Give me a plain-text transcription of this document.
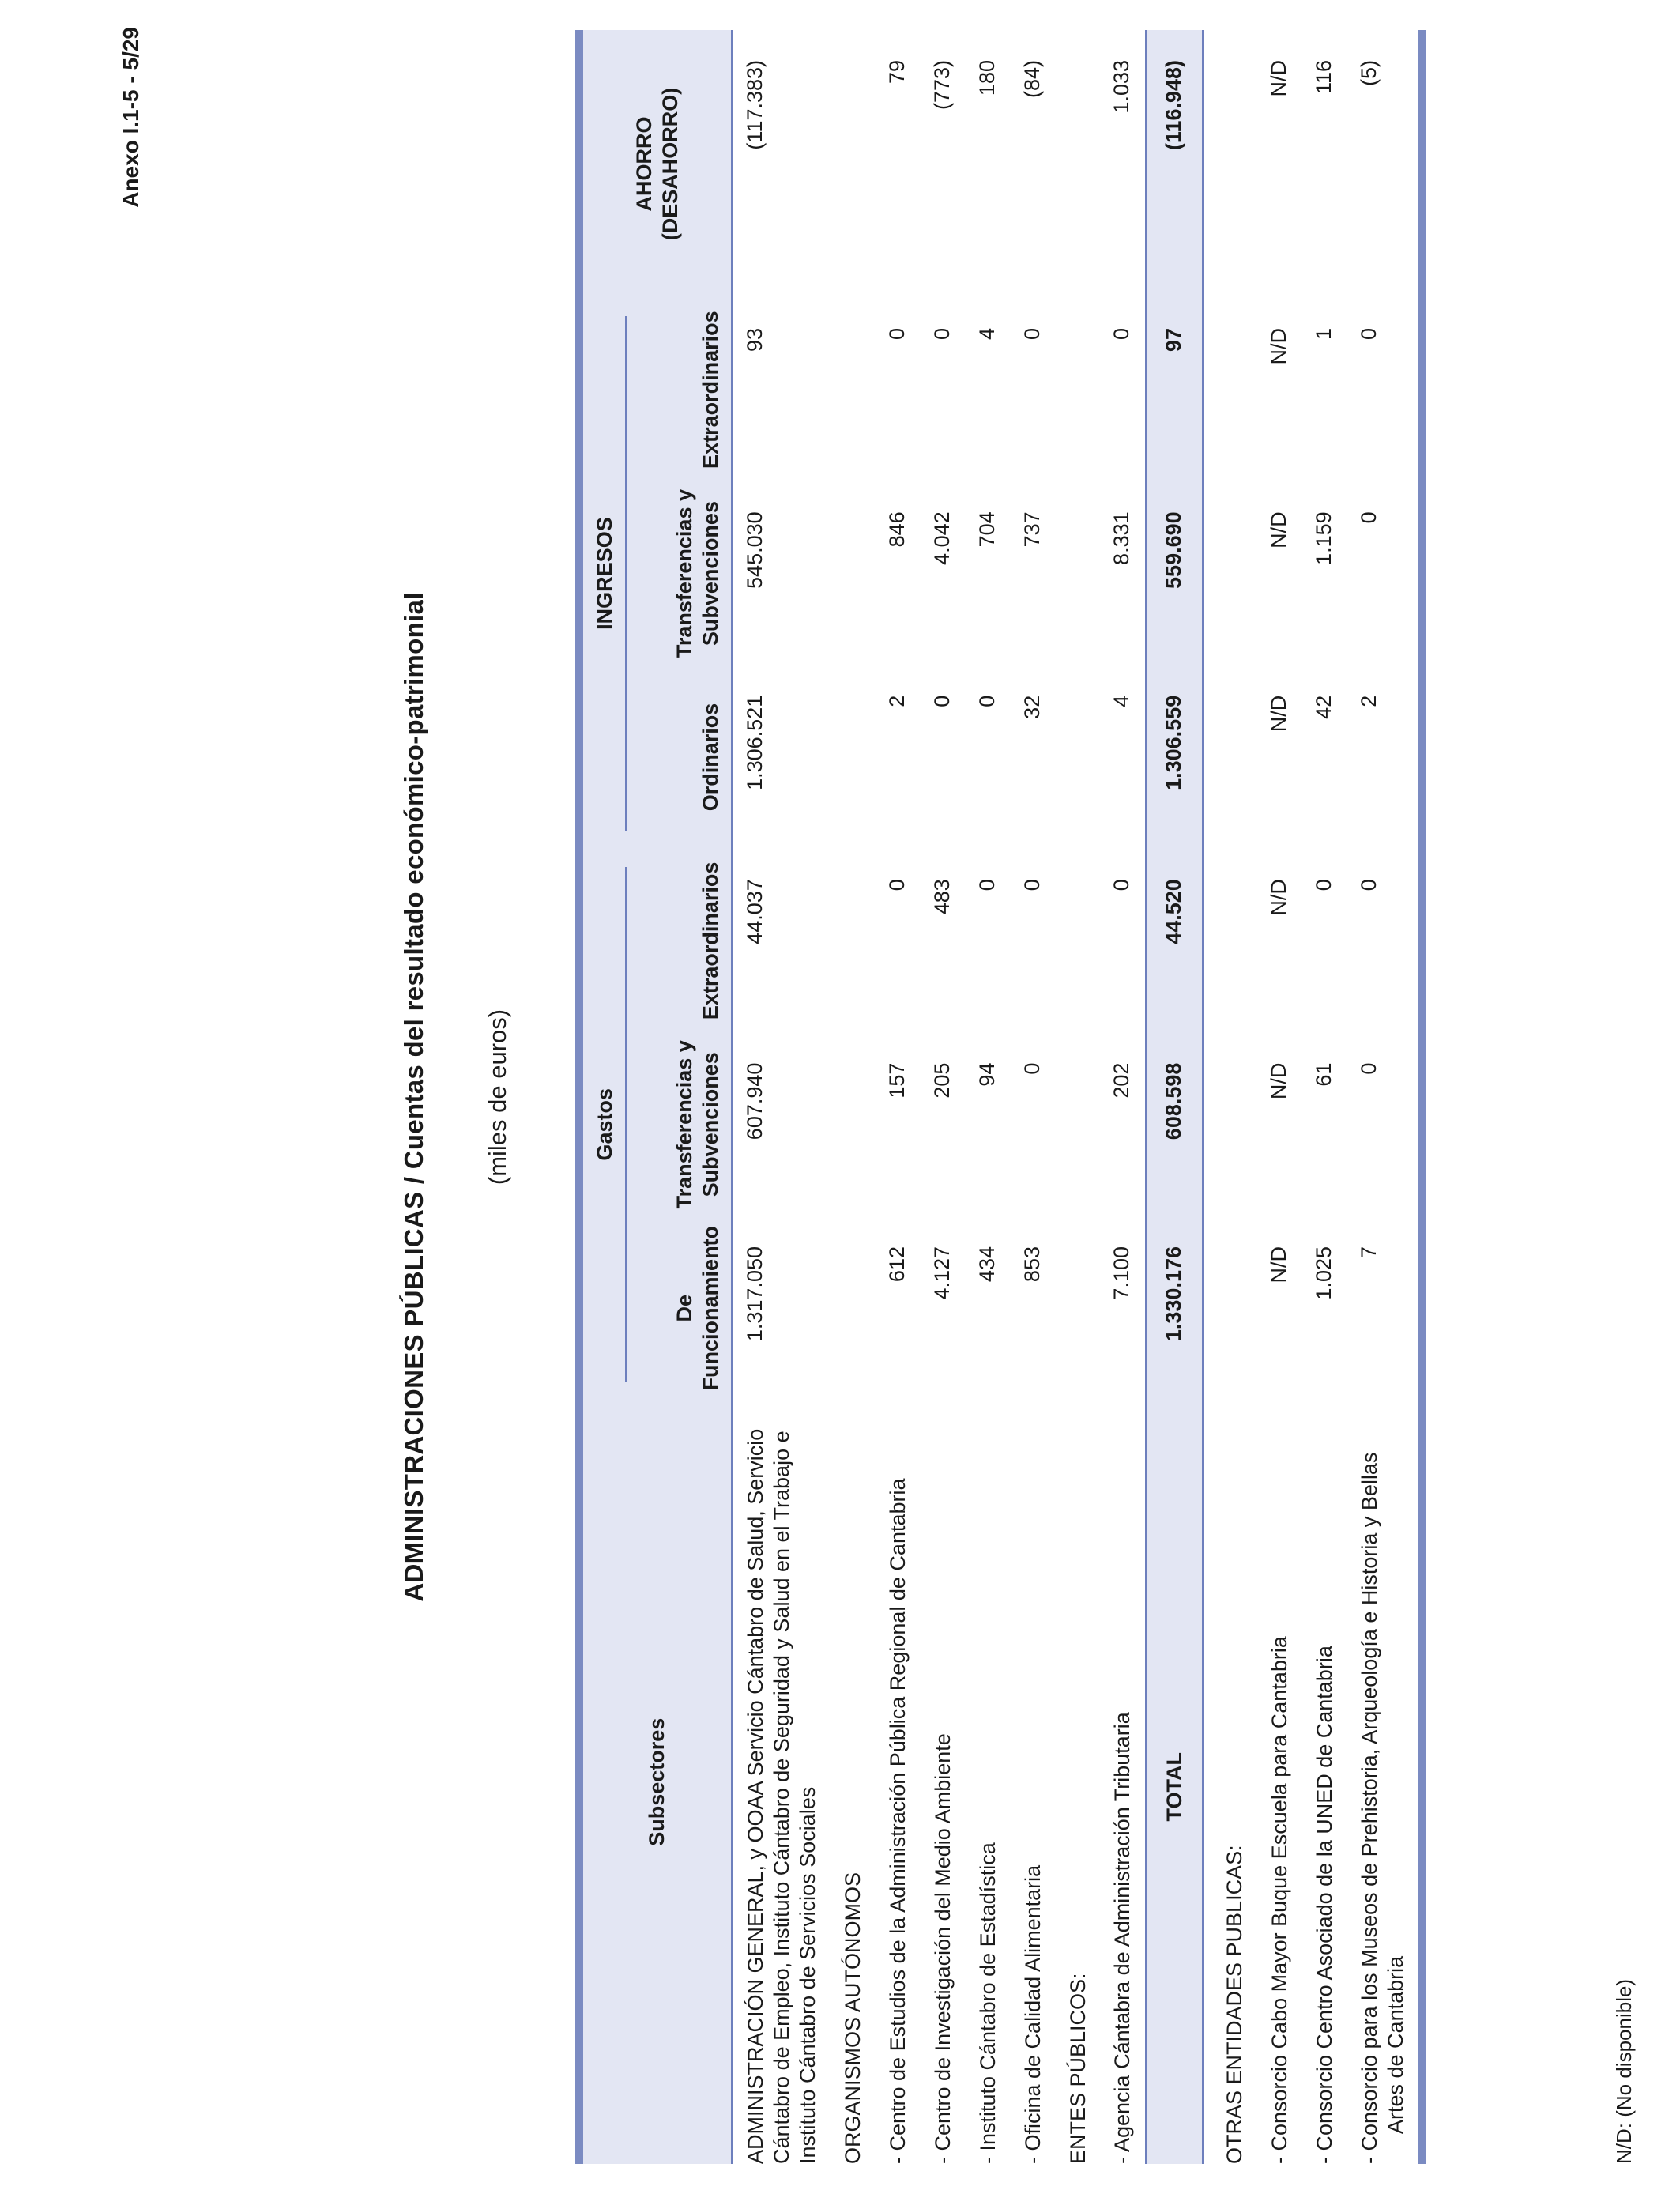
Anexo I.1-5 - 5/29
ADMINISTRACIONES PÚBLICAS / Cuentas del resultado económico-patrimonial (miles de euros)
Subsectores	Gastos			INGRESOS			AHORRO
(DESAHORRO)
	De
Funcionamiento	Transferencias y
Subvenciones	Extraordinarios	Ordinarios	Transferencias y
Subvenciones	Extraordinarios	
ADMINISTRACIÓN GENERAL, y OOAA Servicio Cántabro de Salud, Servicio Cántabro de Empleo, Instituto Cántabro de Seguridad y Salud en el Trabajo e Instituto Cántabro de Servicios Sociales	1.317.050	607.940	44.037	1.306.521	545.030	93	(117.383)
ORGANISMOS AUTÓNOMOS							
- Centro de Estudios de la Administración Pública Regional de Cantabria	612	157	0	2	846	0	79
- Centro de Investigación del Medio Ambiente	4.127	205	483	0	4.042	0	(773)
- Instituto Cántabro de Estadística	434	94	0	0	704	4	180
- Oficina de Calidad Alimentaria	853	0	0	32	737	0	(84)
ENTES PÚBLICOS:							
- Agencia Cántabra de Administración Tributaria	7.100	202	0	4	8.331	0	1.033
TOTAL	1.330.176	608.598	44.520	1.306.559	559.690	97	(116.948)
OTRAS ENTIDADES PUBLICAS:							
- Consorcio Cabo Mayor Buque Escuela para Cantabria	N/D	N/D	N/D	N/D	N/D	N/D	N/D
- Consorcio Centro Asociado de la UNED de Cantabria	1.025	61	0	42	1.159	1	116
- Consorcio para los Museos de Prehistoria, Arqueología e Historia y Bellas Artes de Cantabria	7	0	0	2	0	0	(5)
N/D: (No disponible)
